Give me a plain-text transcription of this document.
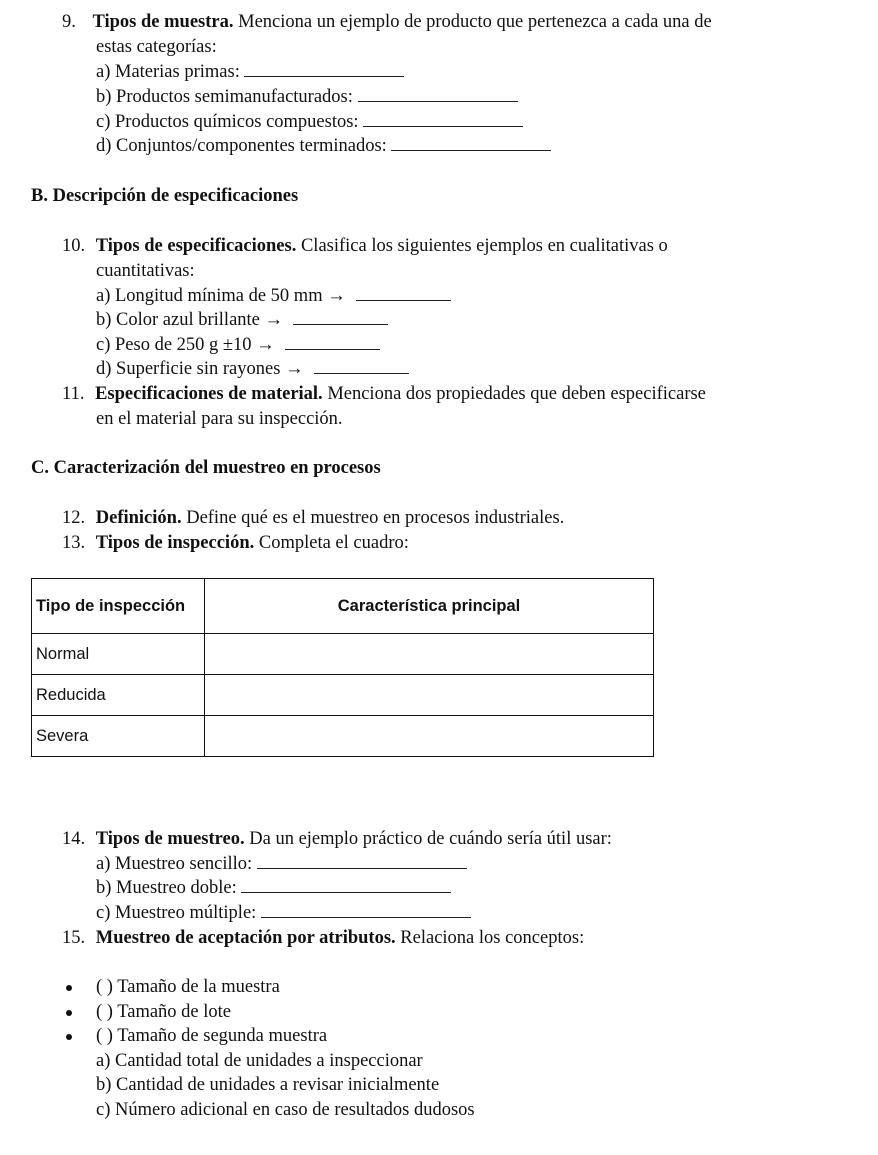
9. Tipos de muestra. Menciona un ejemplo de producto que pertenezca a cada una de
estas categorías:
a) Materias primas:
b) Productos semimanufacturados:
c) Productos químicos compuestos:
d) Conjuntos/componentes terminados:
B. Descripción de especificaciones
10. Tipos de especificaciones. Clasifica los siguientes ejemplos en cualitativas o
cuantitativas:
a) Longitud mínima de 50 mm →
b) Color azul brillante →
c) Peso de 250 g ±10 →
d) Superficie sin rayones →
11. Especificaciones de material. Menciona dos propiedades que deben especificarse
en el material para su inspección.
C. Caracterización del muestreo en procesos
12. Definición. Define qué es el muestreo en procesos industriales.
13. Tipos de inspección. Completa el cuadro:
Tipo de inspección	Característica principal
Normal	
Reducida	
Severa	
14. Tipos de muestreo. Da un ejemplo práctico de cuándo sería útil usar:
a) Muestreo sencillo:
b) Muestreo doble:
c) Muestreo múltiple:
15. Muestreo de aceptación por atributos. Relaciona los conceptos:
( ) Tamaño de la muestra
( ) Tamaño de lote
( ) Tamaño de segunda muestra
a) Cantidad total de unidades a inspeccionar
b) Cantidad de unidades a revisar inicialmente
c) Número adicional en caso de resultados dudosos
